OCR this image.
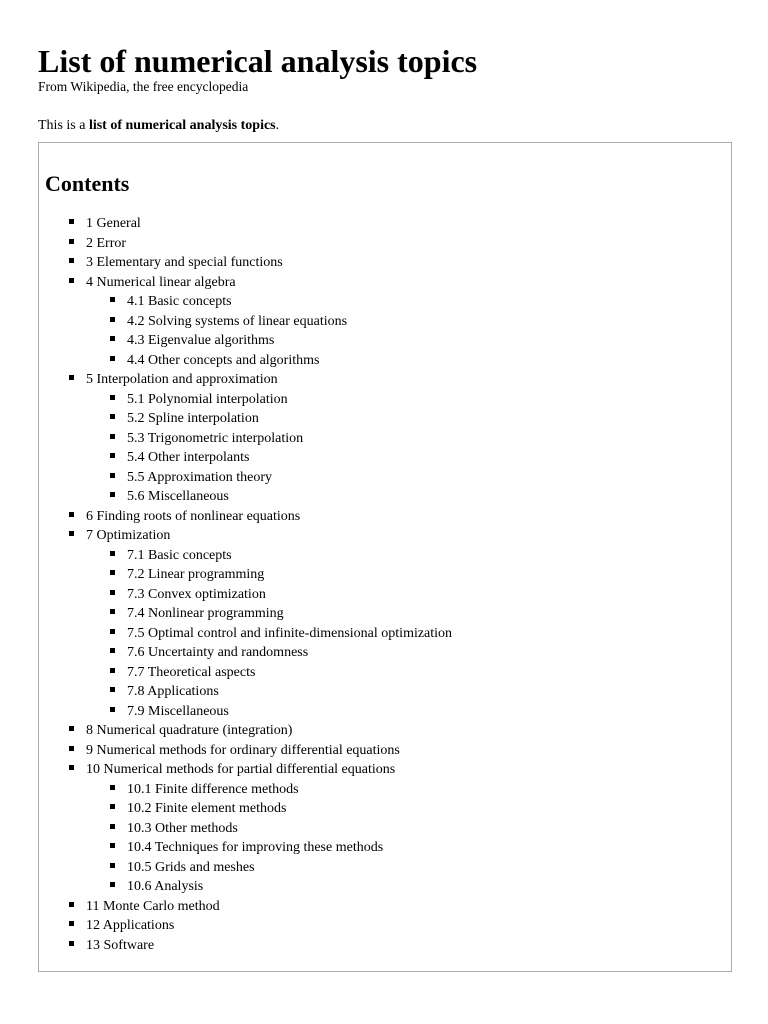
List of numerical analysis topics

From Wikipedia, the free encyclopedia

This is a list of numerical analysis topics.

Contents
1 General
2 Error
3 Elementary and special functions
4 Numerical linear algebra
4.1 Basic concepts
4.2 Solving systems of linear equations
4.3 Eigenvalue algorithms
4.4 Other concepts and algorithms
5 Interpolation and approximation
5.1 Polynomial interpolation
5.2 Spline interpolation
5.3 Trigonometric interpolation
5.4 Other interpolants
5.5 Approximation theory
5.6 Miscellaneous
6 Finding roots of nonlinear equations
7 Optimization
7.1 Basic concepts
7.2 Linear programming
7.3 Convex optimization
7.4 Nonlinear programming
7.5 Optimal control and infinite-dimensional optimization
7.6 Uncertainty and randomness
7.7 Theoretical aspects
7.8 Applications
7.9 Miscellaneous
8 Numerical quadrature (integration)
9 Numerical methods for ordinary differential equations
10 Numerical methods for partial differential equations
10.1 Finite difference methods
10.2 Finite element methods
10.3 Other methods
10.4 Techniques for improving these methods
10.5 Grids and meshes
10.6 Analysis
11 Monte Carlo method
12 Applications
13 Software
